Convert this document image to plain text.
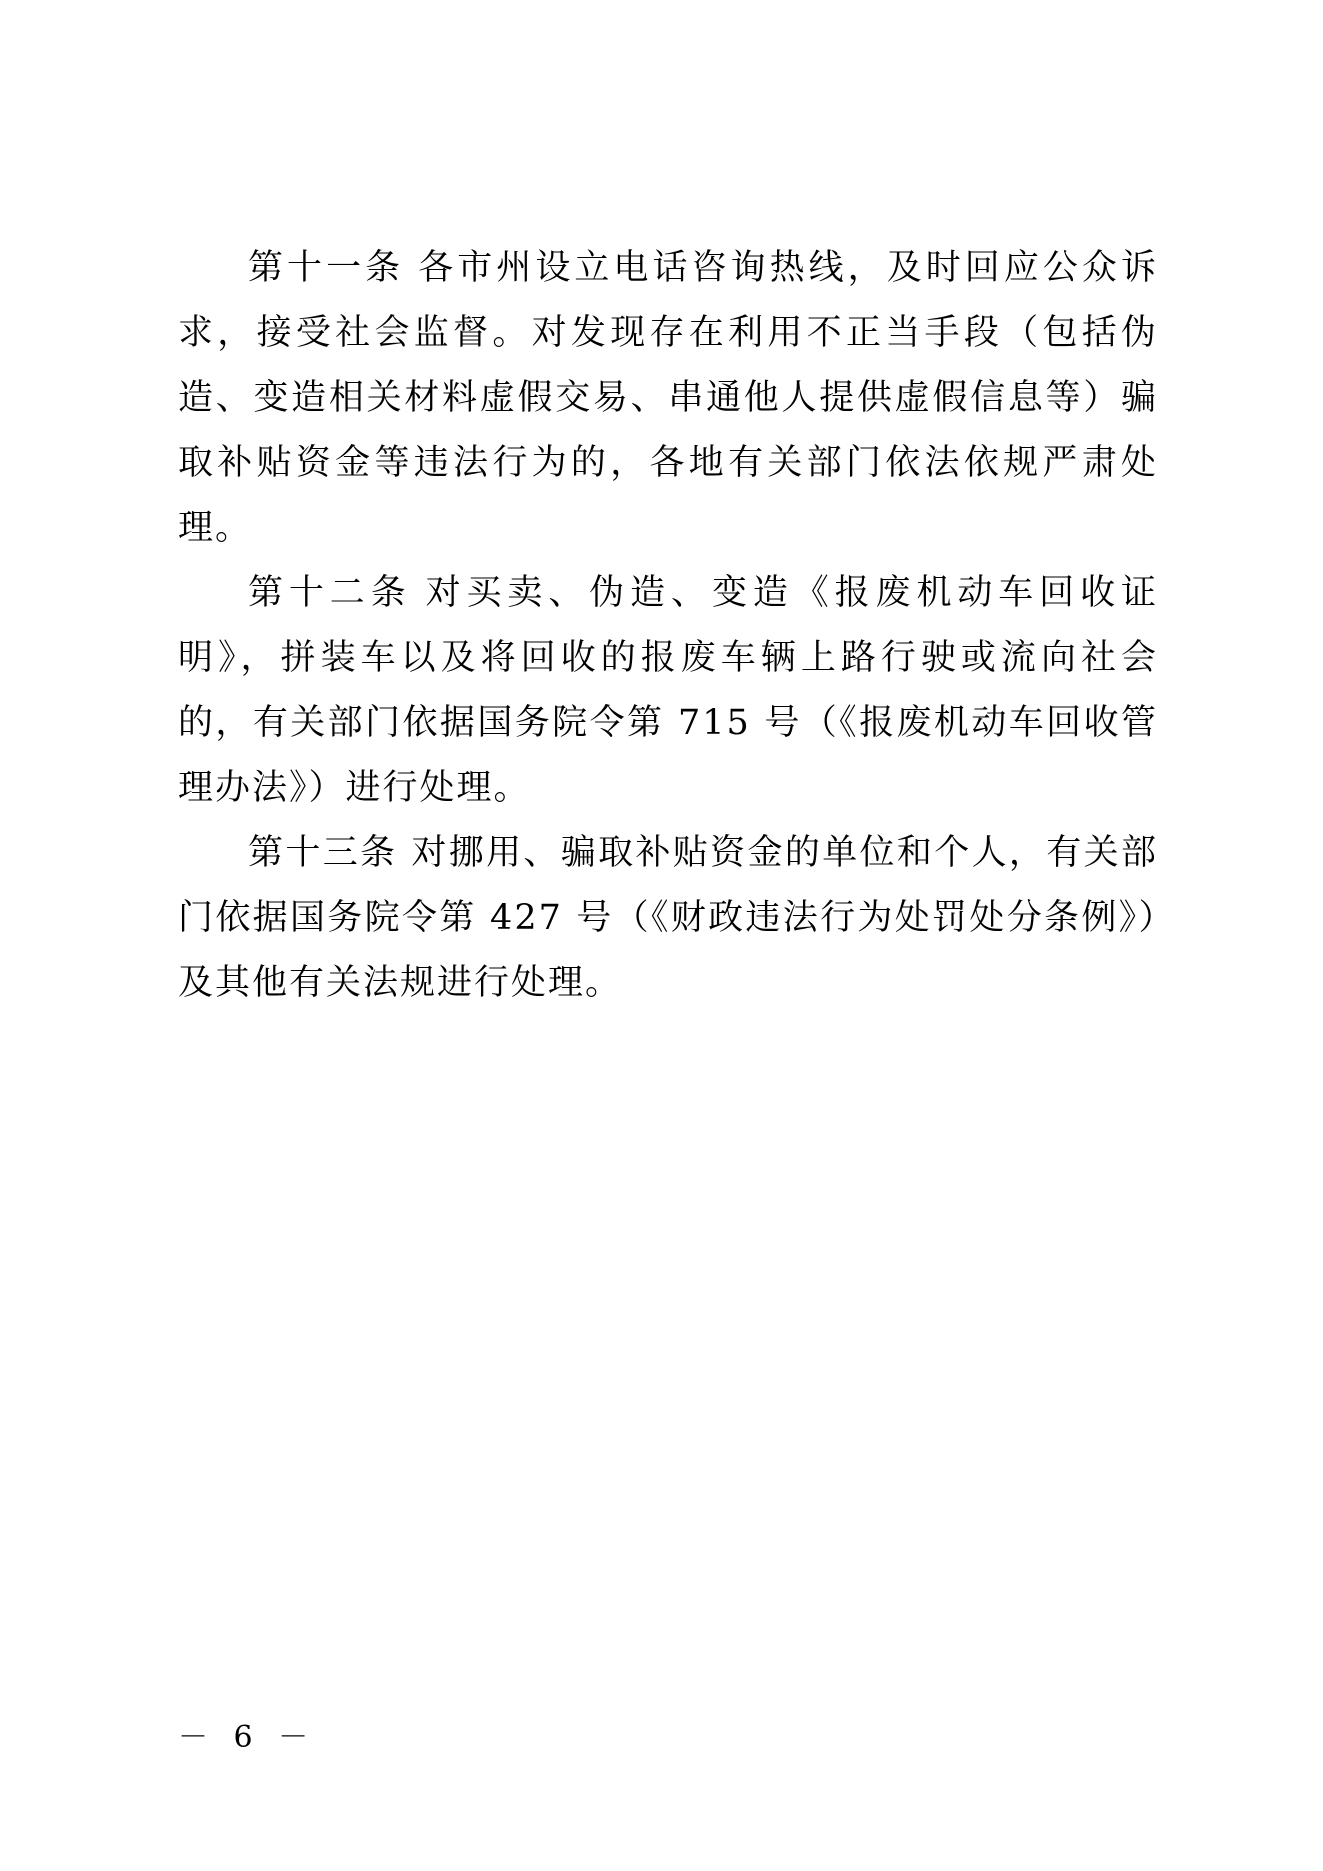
第十一条 各市州设立电话咨询热线，及时回应公众诉求，接受社会监督。对发现存在利用不正当手段（包括伪造、变造相关材料虚假交易、串通他人提供虚假信息等）骗取补贴资金等违法行为的，各地有关部门依法依规严肃处理。

第十二条 对买卖、伪造、变造《报废机动车回收证明》，拼装车以及将回收的报废车辆上路行驶或流向社会的，有关部门依据国务院令第 715 号（《报废机动车回收管理办法》）进行处理。

第十三条 对挪用、骗取补贴资金的单位和个人，有关部门依据国务院令第 427 号（《财政违法行为处罚处分条例》）及其他有关法规进行处理。

－ 6 －
